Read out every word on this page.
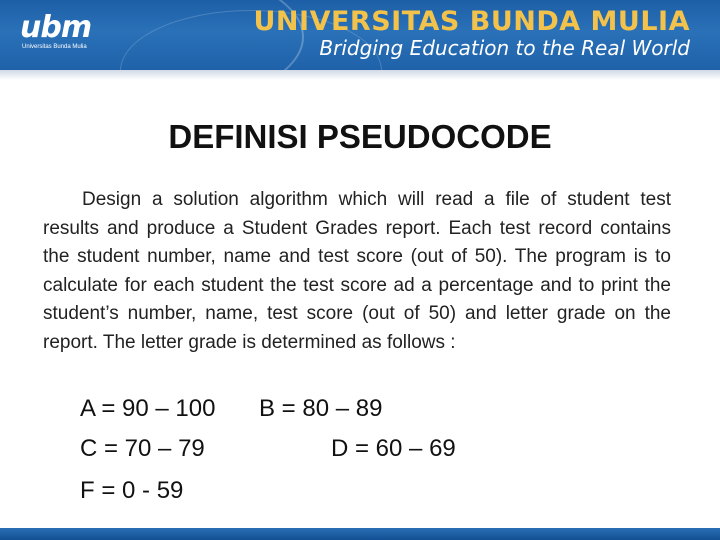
ubm
Universitas Bunda Mulia
UNIVERSITAS BUNDA MULIA
Bridging Education to the Real World
DEFINISI PSEUDOCODE
Design a solution algorithm which will read a file of student test results and produce a Student Grades report. Each test record contains the student number, name and test score (out of 50). The program is to calculate for each student the test score ad a percentage and to print the student’s number, name, test score (out of 50) and letter grade on the report. The letter grade is determined as follows :
A = 90 – 100 B = 80 – 89
C = 70 – 79	D = 60 – 69
F = 0 - 59
